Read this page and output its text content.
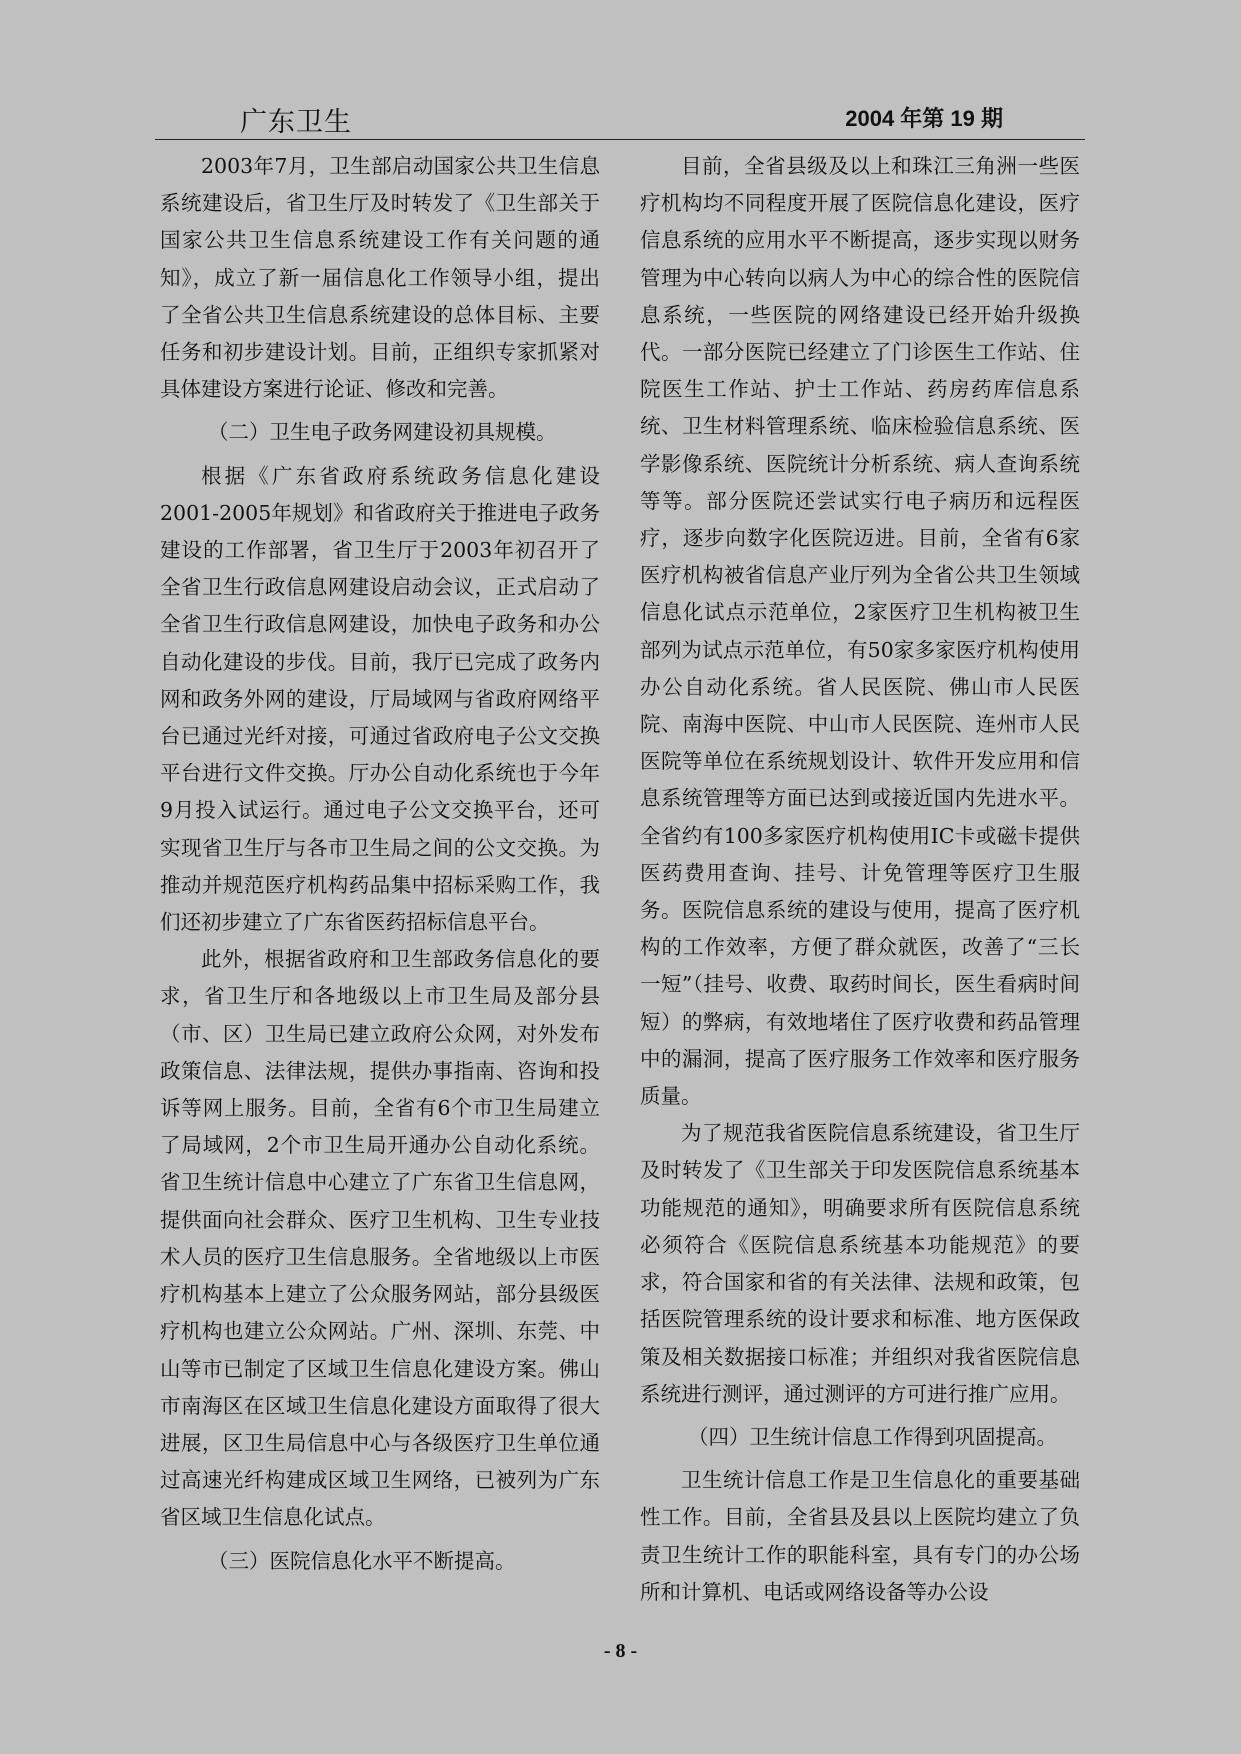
广东卫生	2004 年第 19 期

2003年7月，卫生部启动国家公共卫生信息系统建设后，省卫生厅及时转发了《卫生部关于国家公共卫生信息系统建设工作有关问题的通知》，成立了新一届信息化工作领导小组，提出了全省公共卫生信息系统建设的总体目标、主要任务和初步建设计划。目前，正组织专家抓紧对具体建设方案进行论证、修改和完善。

（二）卫生电子政务网建设初具规模。

根据《广东省政府系统政务信息化建设2001-2005年规划》和省政府关于推进电子政务建设的工作部署，省卫生厅于2003年初召开了全省卫生行政信息网建设启动会议，正式启动了全省卫生行政信息网建设，加快电子政务和办公自动化建设的步伐。目前，我厅已完成了政务内网和政务外网的建设，厅局域网与省政府网络平台已通过光纤对接，可通过省政府电子公文交换平台进行文件交换。厅办公自动化系统也于今年9月投入试运行。通过电子公文交换平台，还可实现省卫生厅与各市卫生局之间的公文交换。为推动并规范医疗机构药品集中招标采购工作，我们还初步建立了广东省医药招标信息平台。

此外，根据省政府和卫生部政务信息化的要求，省卫生厅和各地级以上市卫生局及部分县（市、区）卫生局已建立政府公众网，对外发布政策信息、法律法规，提供办事指南、咨询和投诉等网上服务。目前，全省有6个市卫生局建立了局域网，2个市卫生局开通办公自动化系统。省卫生统计信息中心建立了广东省卫生信息网，提供面向社会群众、医疗卫生机构、卫生专业技术人员的医疗卫生信息服务。全省地级以上市医疗机构基本上建立了公众服务网站，部分县级医疗机构也建立公众网站。广州、深圳、东莞、中山等市已制定了区域卫生信息化建设方案。佛山市南海区在区域卫生信息化建设方面取得了很大进展，区卫生局信息中心与各级医疗卫生单位通过高速光纤构建成区域卫生网络，已被列为广东省区域卫生信息化试点。

（三）医院信息化水平不断提高。

目前，全省县级及以上和珠江三角洲一些医疗机构均不同程度开展了医院信息化建设，医疗信息系统的应用水平不断提高，逐步实现以财务管理为中心转向以病人为中心的综合性的医院信息系统，一些医院的网络建设已经开始升级换代。一部分医院已经建立了门诊医生工作站、住院医生工作站、护士工作站、药房药库信息系统、卫生材料管理系统、临床检验信息系统、医学影像系统、医院统计分析系统、病人查询系统等等。部分医院还尝试实行电子病历和远程医疗，逐步向数字化医院迈进。目前，全省有6家医疗机构被省信息产业厅列为全省公共卫生领域信息化试点示范单位，2家医疗卫生机构被卫生部列为试点示范单位，有50家多家医疗机构使用办公自动化系统。省人民医院、佛山市人民医院、南海中医院、中山市人民医院、连州市人民医院等单位在系统规划设计、软件开发应用和信息系统管理等方面已达到或接近国内先进水平。全省约有100多家医疗机构使用IC卡或磁卡提供医药费用查询、挂号、计免管理等医疗卫生服务。医院信息系统的建设与使用，提高了医疗机构的工作效率，方便了群众就医，改善了“三长一短”（挂号、收费、取药时间长，医生看病时间短）的弊病，有效地堵住了医疗收费和药品管理中的漏洞，提高了医疗服务工作效率和医疗服务质量。

为了规范我省医院信息系统建设，省卫生厅及时转发了《卫生部关于印发医院信息系统基本功能规范的通知》，明确要求所有医院信息系统必须符合《医院信息系统基本功能规范》的要求，符合国家和省的有关法律、法规和政策，包括医院管理系统的设计要求和标准、地方医保政策及相关数据接口标准；并组织对我省医院信息系统进行测评，通过测评的方可进行推广应用。

（四）卫生统计信息工作得到巩固提高。

卫生统计信息工作是卫生信息化的重要基础性工作。目前，全省县及县以上医院均建立了负责卫生统计工作的职能科室，具有专门的办公场所和计算机、电话或网络设备等办公设

- 8 -
